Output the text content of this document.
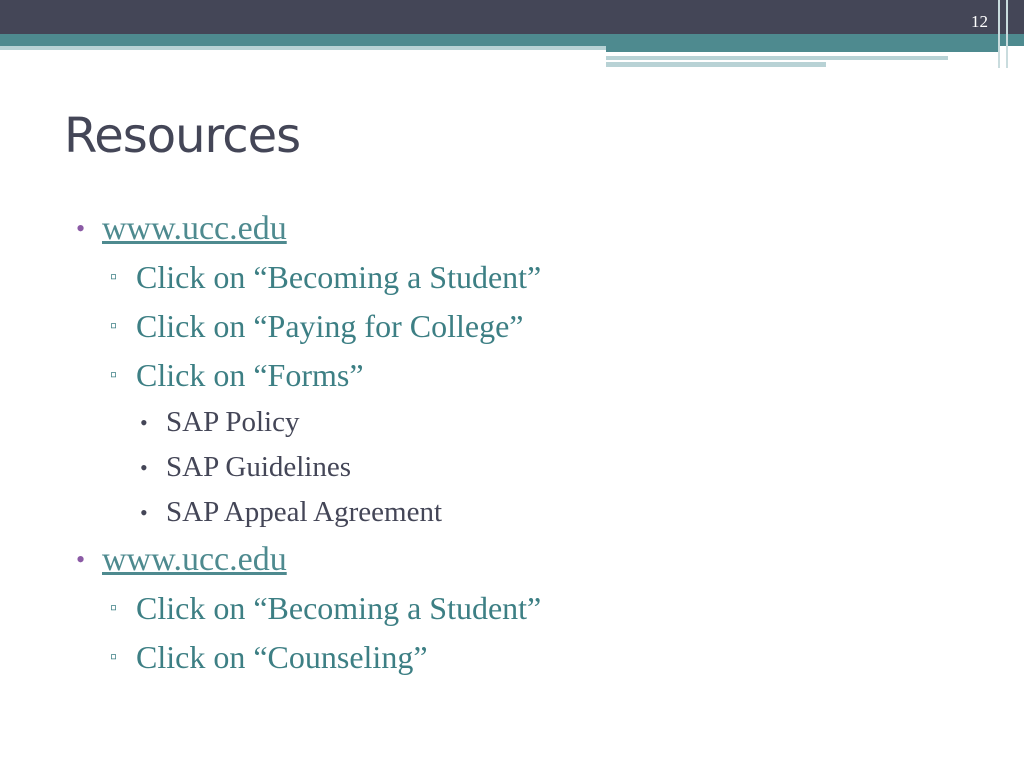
12
Resources
• www.ucc.edu
▫ Click on “Becoming a Student”
▫ Click on “Paying for College”
▫ Click on “Forms”
• SAP Policy
• SAP Guidelines
• SAP Appeal Agreement
• www.ucc.edu
▫ Click on “Becoming a Student”
▫ Click on “Counseling”
